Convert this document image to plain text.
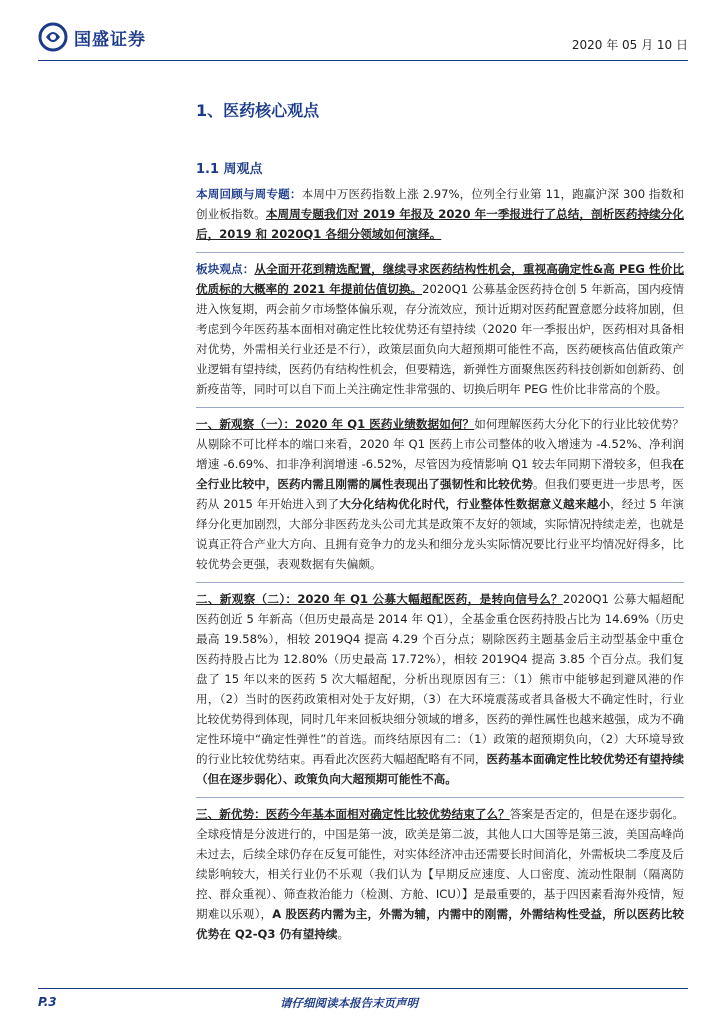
国盛证券	2020 年 05 月 10 日
1、医药核心观点
1.1 周观点

本周回顾与周专题：本周中万医药指数上涨 2.97%，位列全行业第 11，跑赢沪深 300 指数和创业板指数。本周周专题我们对 2019 年报及 2020 年一季报进行了总结，剖析医药持续分化后，2019 和 2020Q1 各细分领域如何演绎。

板块观点：从全面开花到精选配置，继续寻求医药结构性机会，重视高确定性&高 PEG 性价比优质标的大概率的 2021 年提前估值切换。2020Q1 公募基金医药持仓创 5 年新高，国内疫情进入恢复期，两会前夕市场整体偏乐观，存分流效应，预计近期对医药配置意愿分歧将加剧，但考虑到今年医药基本面相对确定性比较优势还有望持续（2020 年一季报出炉，医药相对具备相对优势，外需相关行业还是不行），政策层面负向大超预期可能性不高，医药硬核高估值政策产业逻辑有望持续，医药仍有结构性机会，但要精选，新弹性方面聚焦医药科技创新如创新药、创新疫苗等，同时可以自下而上关注确定性非常强的、切换后明年 PEG 性价比非常高的个股。

一、新观察（一）：2020 年 Q1 医药业绩数据如何？如何理解医药大分化下的行业比较优势？从剔除不可比样本的端口来看，2020 年 Q1 医药上市公司整体的收入增速为 -4.52%、净利润增速 -6.69%、扣非净利润增速 -6.52%，尽管因为疫情影响 Q1 较去年同期下滑较多，但我在全行业比较中，医药内需且刚需的属性表现出了强韧性和比较优势。但我们要更进一步思考，医药从 2015 年开始进入到了大分化结构优化时代，行业整体性数据意义越来越小，经过 5 年演绎分化更加剧烈，大部分非医药龙头公司尤其是政策不友好的领域，实际情况持续走差，也就是说真正符合产业大方向、且拥有竞争力的龙头和细分龙头实际情况要比行业平均情况好得多，比较优势会更强，表观数据有失偏颇。

二、新观察（二）：2020 年 Q1 公募大幅超配医药，是转向信号么？2020Q1 公募大幅超配医药创近 5 年新高（但历史最高是 2014 年 Q1），全基金重仓医药持股占比为 14.69%（历史最高 19.58%），相较 2019Q4 提高 4.29 个百分点；剔除医药主题基金后主动型基金中重仓医药持股占比为 12.80%（历史最高 17.72%），相较 2019Q4 提高 3.85 个百分点。我们复盘了 15 年以来的医药 5 次大幅超配，分析出现原因有三：（1）熊市中能够起到避风港的作用，（2）当时的医药政策相对处于友好期，（3）在大环境震荡或者具备极大不确定性时，行业比较优势得到体现，同时几年来回板块细分领域的增多，医药的弹性属性也越来越强，成为不确定性环境中“确定性弹性”的首选。而终结原因有二：（1）政策的超预期负向，（2）大环境导致的行业比较优势结束。再看此次医药大幅超配略有不同，医药基本面确定性比较优势还有望持续（但在逐步弱化）、政策负向大超预期可能性不高。

三、新优势：医药今年基本面相对确定性比较优势结束了么？答案是否定的，但是在逐步弱化。全球疫情是分波进行的，中国是第一波，欧美是第二波，其他人口大国等是第三波，美国高峰尚未过去，后续全球仍存在反复可能性，对实体经济冲击还需要长时间消化，外需板块二季度及后续影响较大，相关行业仍不乐观（我们认为【早期反应速度、人口密度、流动性限制（隔离防控、群众重视）、筛查救治能力（检测、方舱、ICU）】是最重要的，基于四因素看海外疫情，短期难以乐观），A 股医药内需为主，外需为辅，内需中的刚需，外需结构性受益，所以医药比较优势在 Q2-Q3 仍有望持续。

P.3	请仔细阅读本报告末页声明
